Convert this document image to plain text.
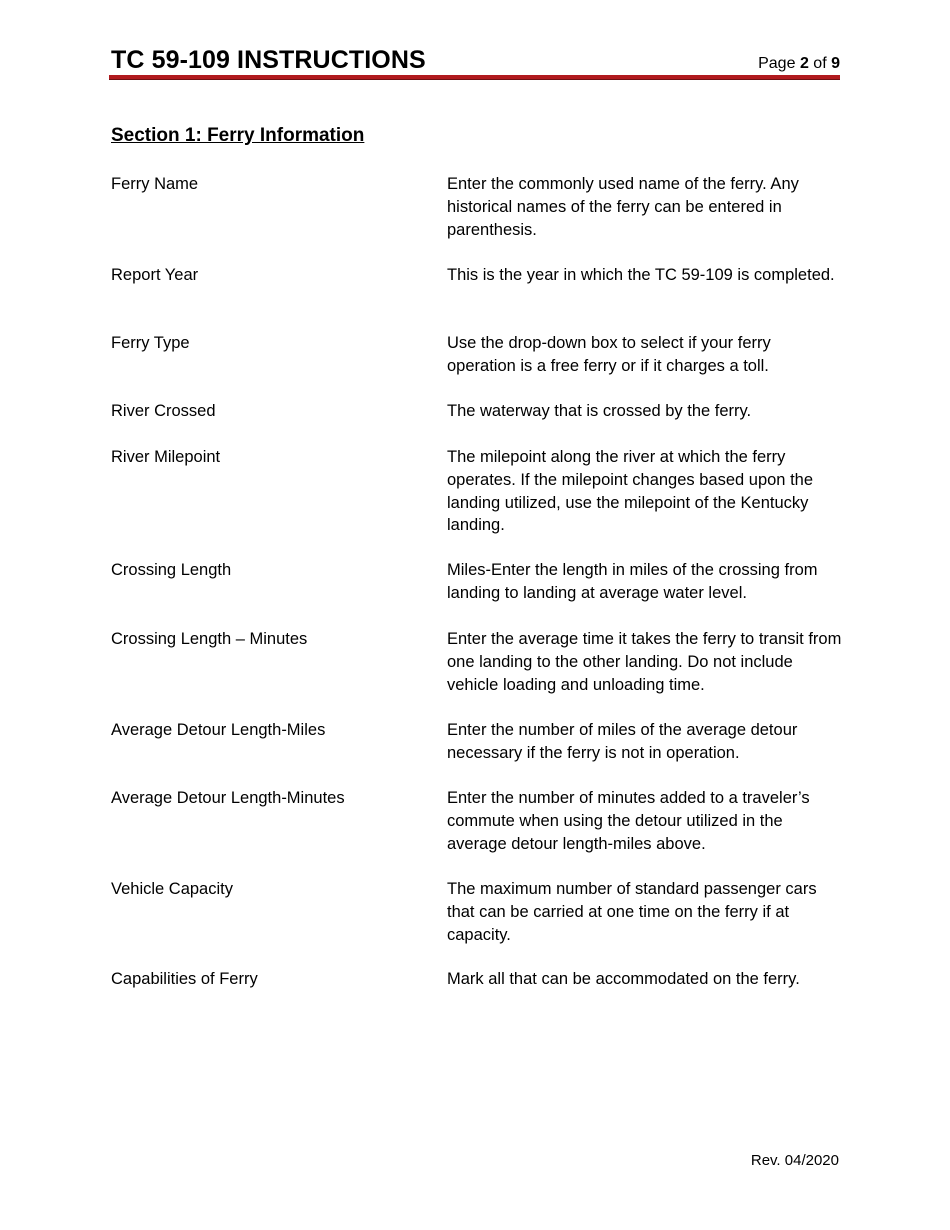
TC 59-109 INSTRUCTIONS	Page 2 of 9
Section 1: Ferry Information
Ferry Name	Enter the commonly used name of the ferry. Any historical names of the ferry can be entered in parenthesis.
Report Year	This is the year in which the TC 59-109 is completed.
Ferry Type	Use the drop-down box to select if your ferry operation is a free ferry or if it charges a toll.
River Crossed	The waterway that is crossed by the ferry.
River Milepoint	The milepoint along the river at which the ferry operates. If the milepoint changes based upon the landing utilized, use the milepoint of the Kentucky landing.
Crossing Length	Miles-Enter the length in miles of the crossing from landing to landing at average water level.
Crossing Length – Minutes	Enter the average time it takes the ferry to transit from one landing to the other landing. Do not include vehicle loading and unloading time.
Average Detour Length-Miles	Enter the number of miles of the average detour necessary if the ferry is not in operation.
Average Detour Length-Minutes	Enter the number of minutes added to a traveler’s commute when using the detour utilized in the average detour length-miles above.
Vehicle Capacity	The maximum number of standard passenger cars that can be carried at one time on the ferry if at capacity.
Capabilities of Ferry	Mark all that can be accommodated on the ferry.
Rev. 04/2020
